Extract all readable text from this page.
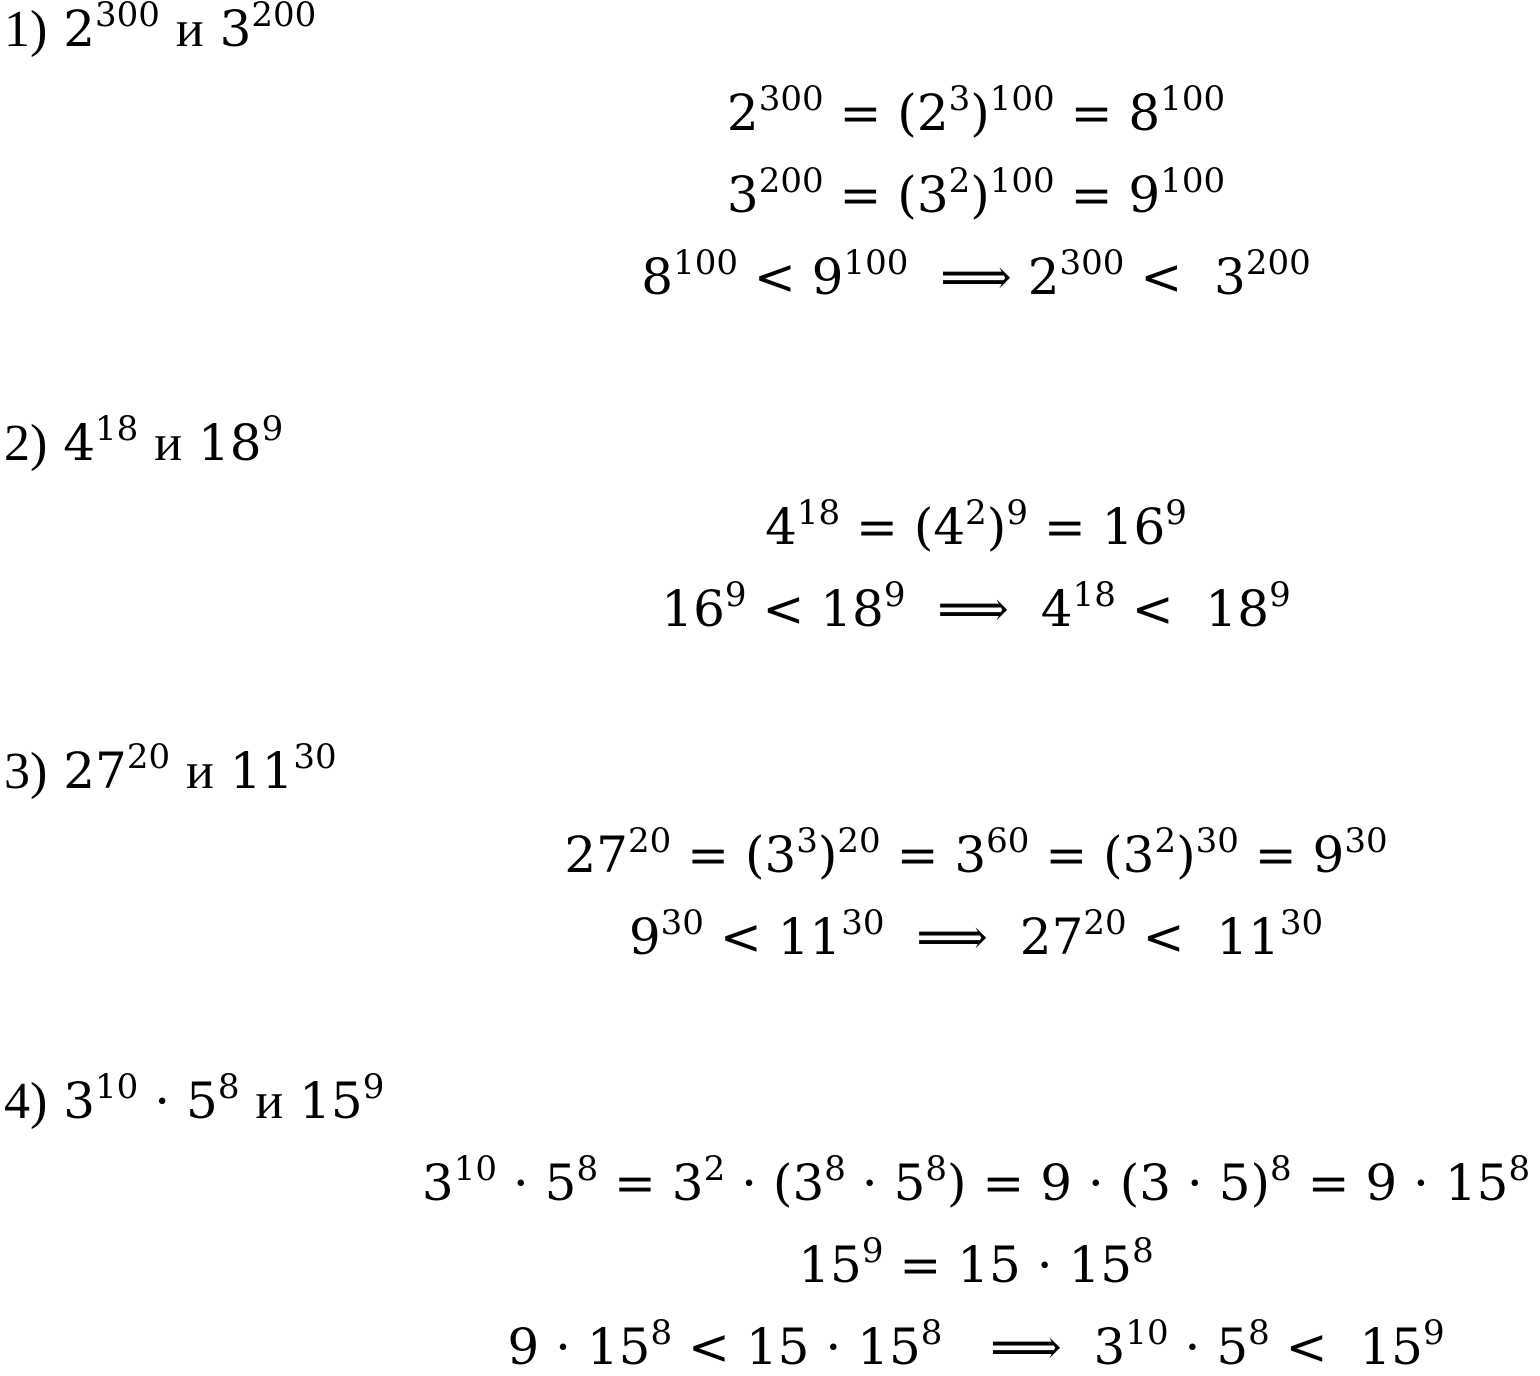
1) $2^{300}$ и $3^{200}$
$2^{300} = (2^3)^{100} = 8^{100}$
$3^{200} = (3^2)^{100} = 9^{100}$
$8^{100} < 9^{100}$  ⟹ $2^{300} < 3^{200}$
2) $4^{18}$ и $18^9$
$4^{18} = (4^2)^9 = 16^9$
$16^9 < 18^9$  ⟹  $4^{18} < 18^9$
3) $27^{20}$ и $11^{30}$
$27^{20} = (3^3)^{20} = 3^{60} = (3^2)^{30} = 9^{30}$
$9^{30} < 11^{30}$  ⟹  $27^{20} < 11^{30}$
4) $3^{10} \cdot 5^8$ и $15^9$
$3^{10} \cdot 5^8 = 3^2 \cdot (3^8 \cdot 5^8) = 9 \cdot (3 \cdot 5)^8 = 9 \cdot 15^8$
$15^9 = 15 \cdot 15^8$
$9 \cdot 15^8 < 15 \cdot 15^8$   ⟹  $3^{10} \cdot 5^8 < 15^9$
